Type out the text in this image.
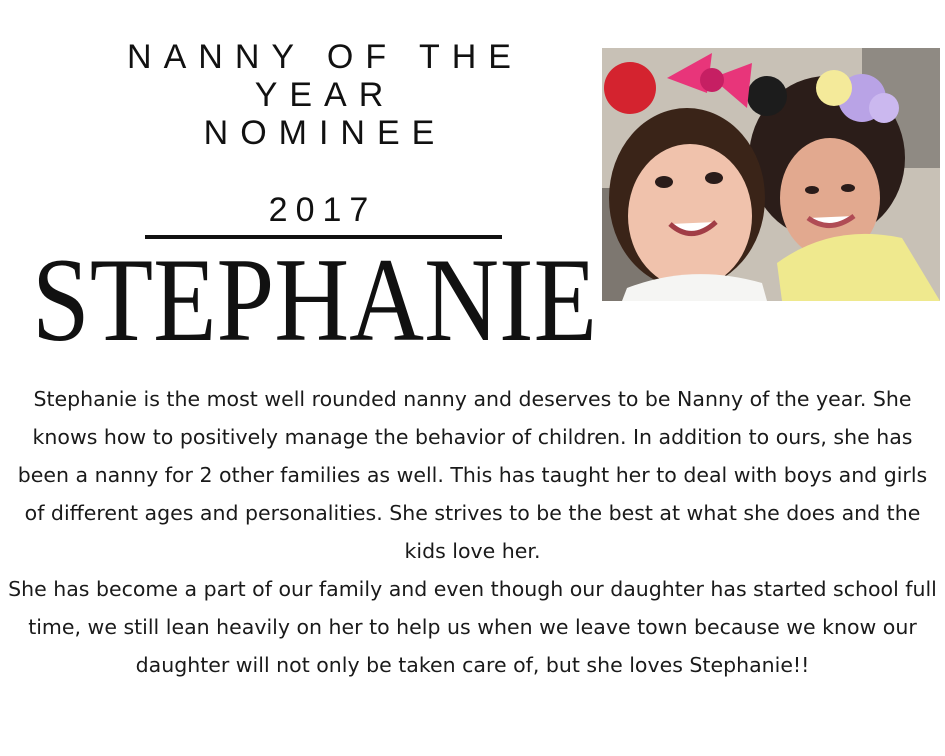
NANNY OF THE
YEAR
NOMINEE
2017
STEPHANIE

Stephanie is the most well rounded nanny and deserves to be Nanny of the year. She knows how to positively manage the behavior of children. In addition to ours, she has been a nanny for 2 other families as well. This has taught her to deal with boys and girls of different ages and personalities. She strives to be the best at what she does and the kids love her.

She has become a part of our family and even though our daughter has started school full time, we still lean heavily on her to help us when we leave town because we know our daughter will not only be taken care of, but she loves Stephanie!!
